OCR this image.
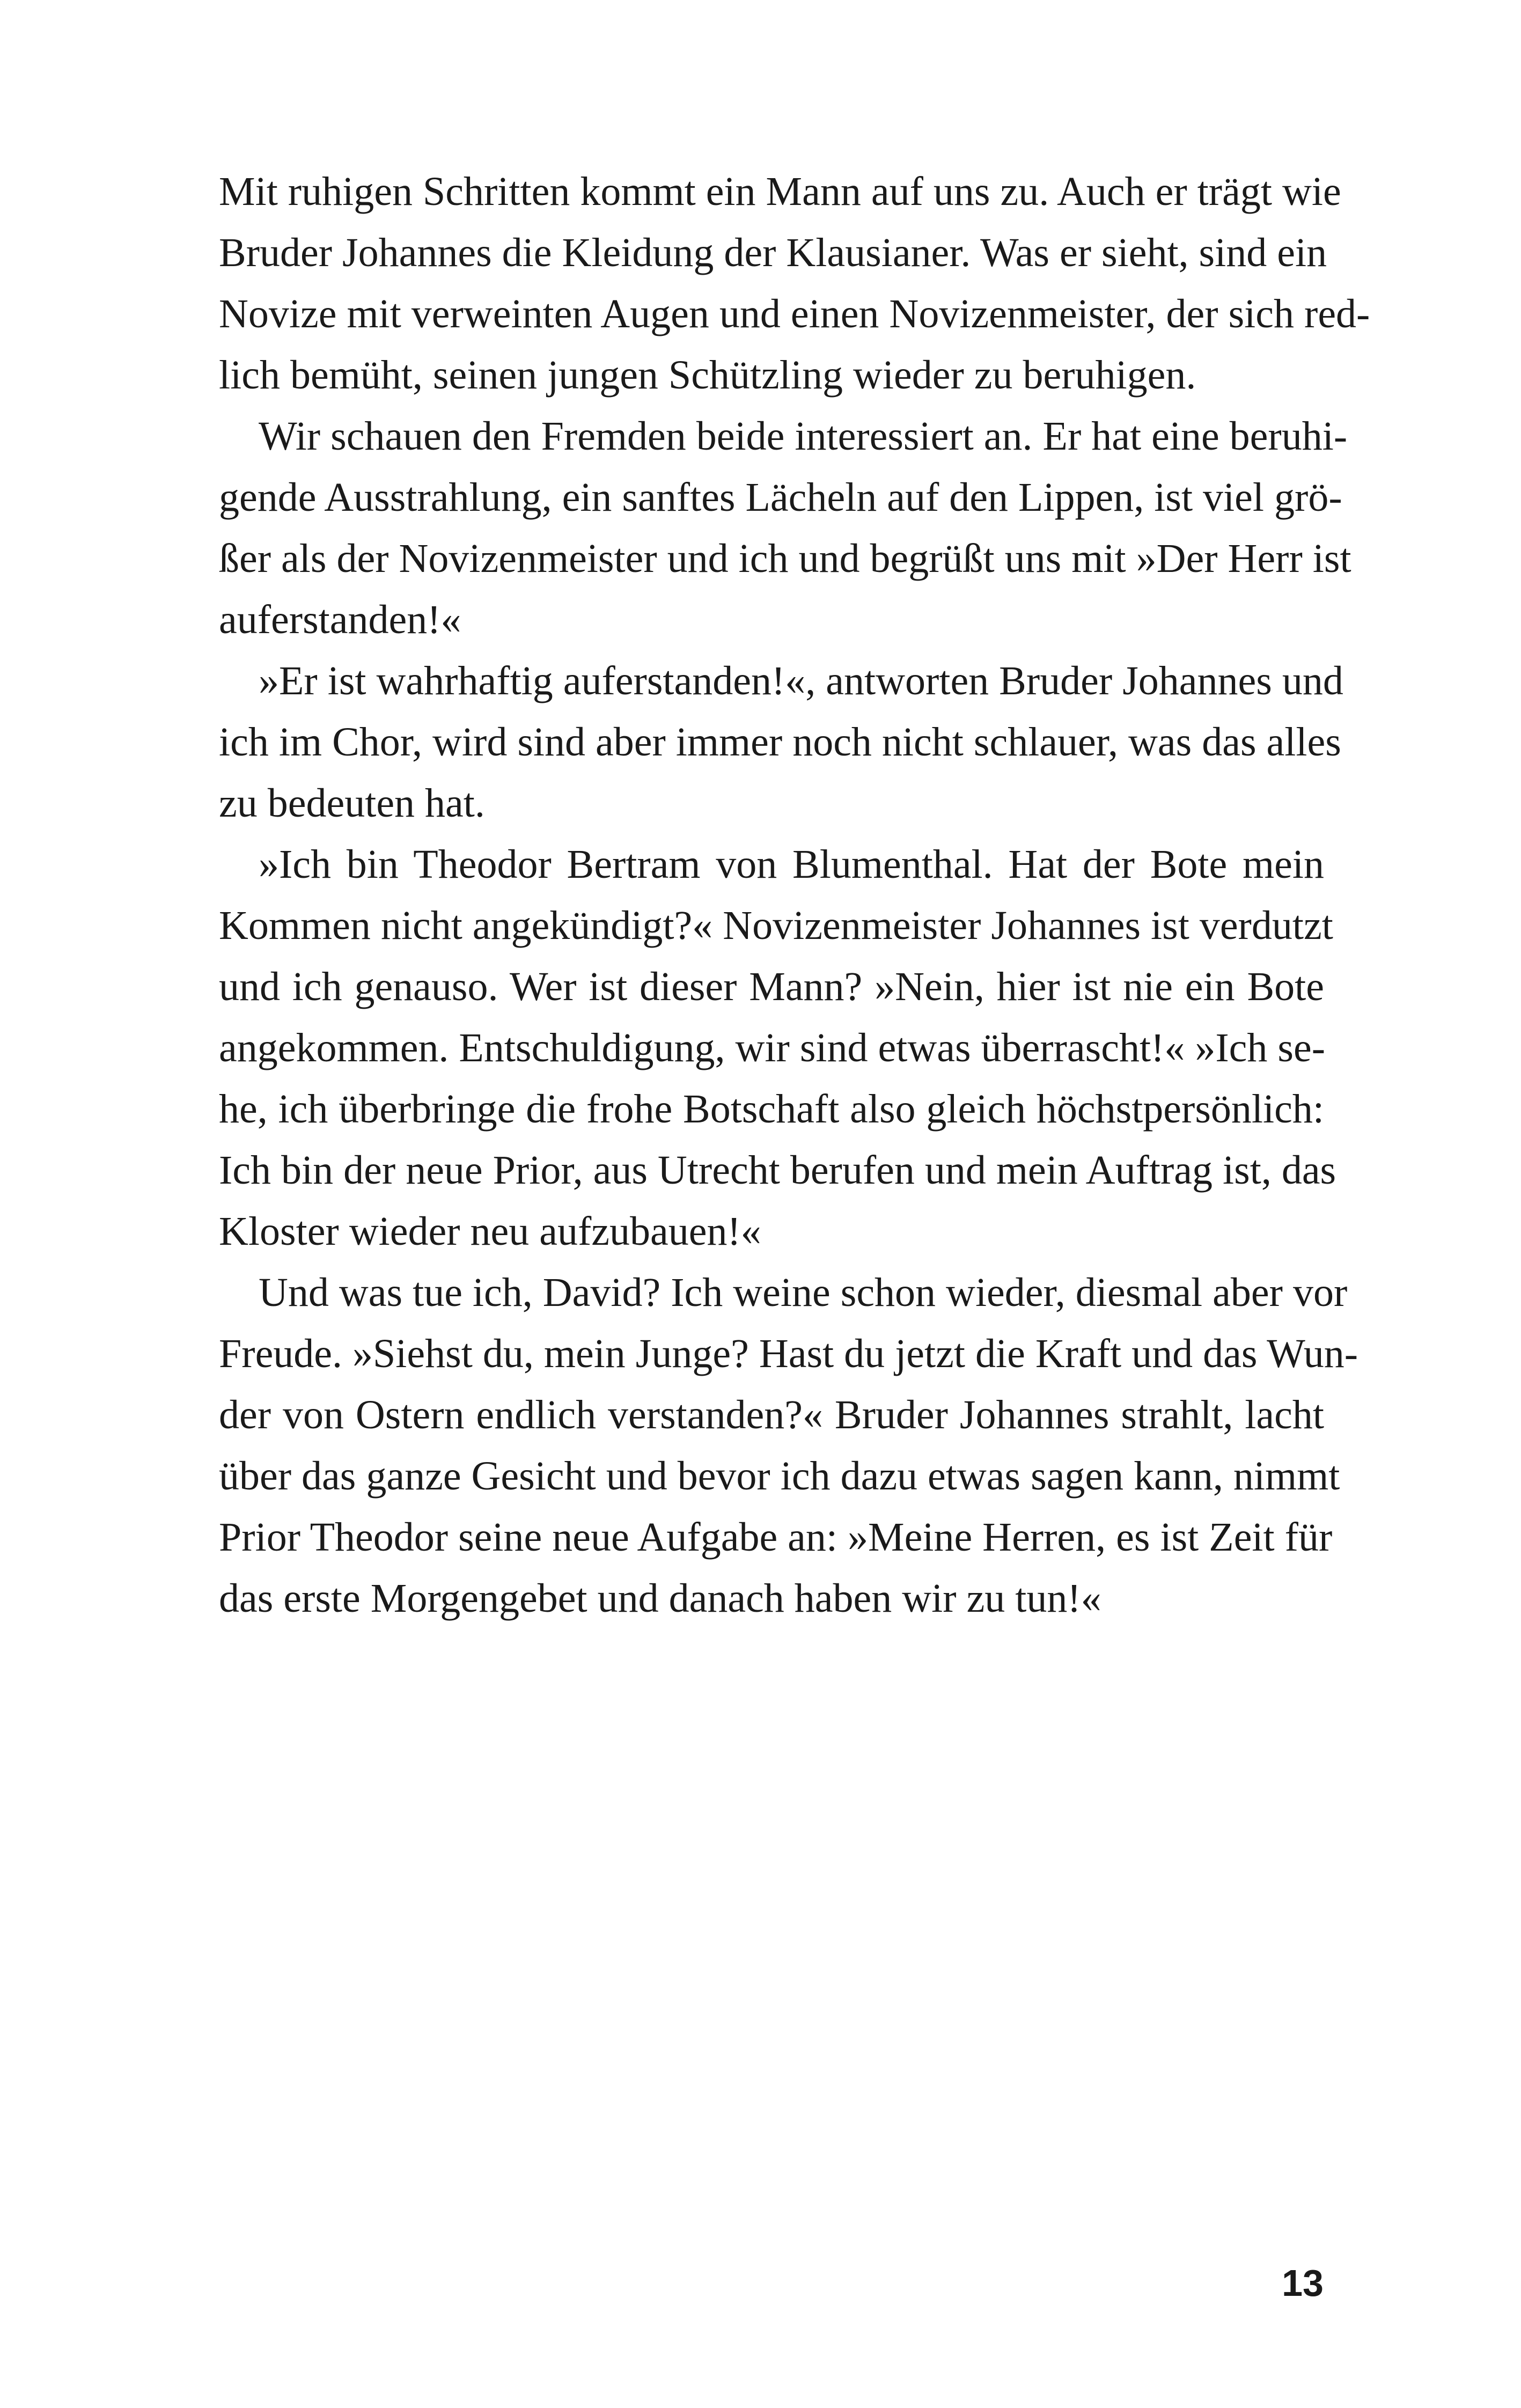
Mit ruhigen Schritten kommt ein Mann auf uns zu. Auch er trägt wie
Bruder Johannes die Kleidung der Klausianer. Was er sieht, sind ein
Novize mit verweinten Augen und einen Novizenmeister, der sich red-
lich bemüht, seinen jungen Schützling wieder zu beruhigen.
Wir schauen den Fremden beide interessiert an. Er hat eine beruhi-
gende Ausstrahlung, ein sanftes Lächeln auf den Lippen, ist viel grö-
ßer als der Novizenmeister und ich und begrüßt uns mit »Der Herr ist
auferstanden!«
»Er ist wahrhaftig auferstanden!«, antworten Bruder Johannes und
ich im Chor, wird sind aber immer noch nicht schlauer, was das alles
zu bedeuten hat.
»Ich bin Theodor Bertram von Blumenthal. Hat der Bote mein
Kommen nicht angekündigt?« Novizenmeister Johannes ist verdutzt
und ich genauso. Wer ist dieser Mann? »Nein, hier ist nie ein Bote
angekommen. Entschuldigung, wir sind etwas überrascht!« »Ich se-
he, ich überbringe die frohe Botschaft also gleich höchstpersönlich:
Ich bin der neue Prior, aus Utrecht berufen und mein Auftrag ist, das
Kloster wieder neu aufzubauen!«
Und was tue ich, David? Ich weine schon wieder, diesmal aber vor
Freude. »Siehst du, mein Junge? Hast du jetzt die Kraft und das Wun-
der von Ostern endlich verstanden?« Bruder Johannes strahlt, lacht
über das ganze Gesicht und bevor ich dazu etwas sagen kann, nimmt
Prior Theodor seine neue Aufgabe an: »Meine Herren, es ist Zeit für
das erste Morgengebet und danach haben wir zu tun!«
13
